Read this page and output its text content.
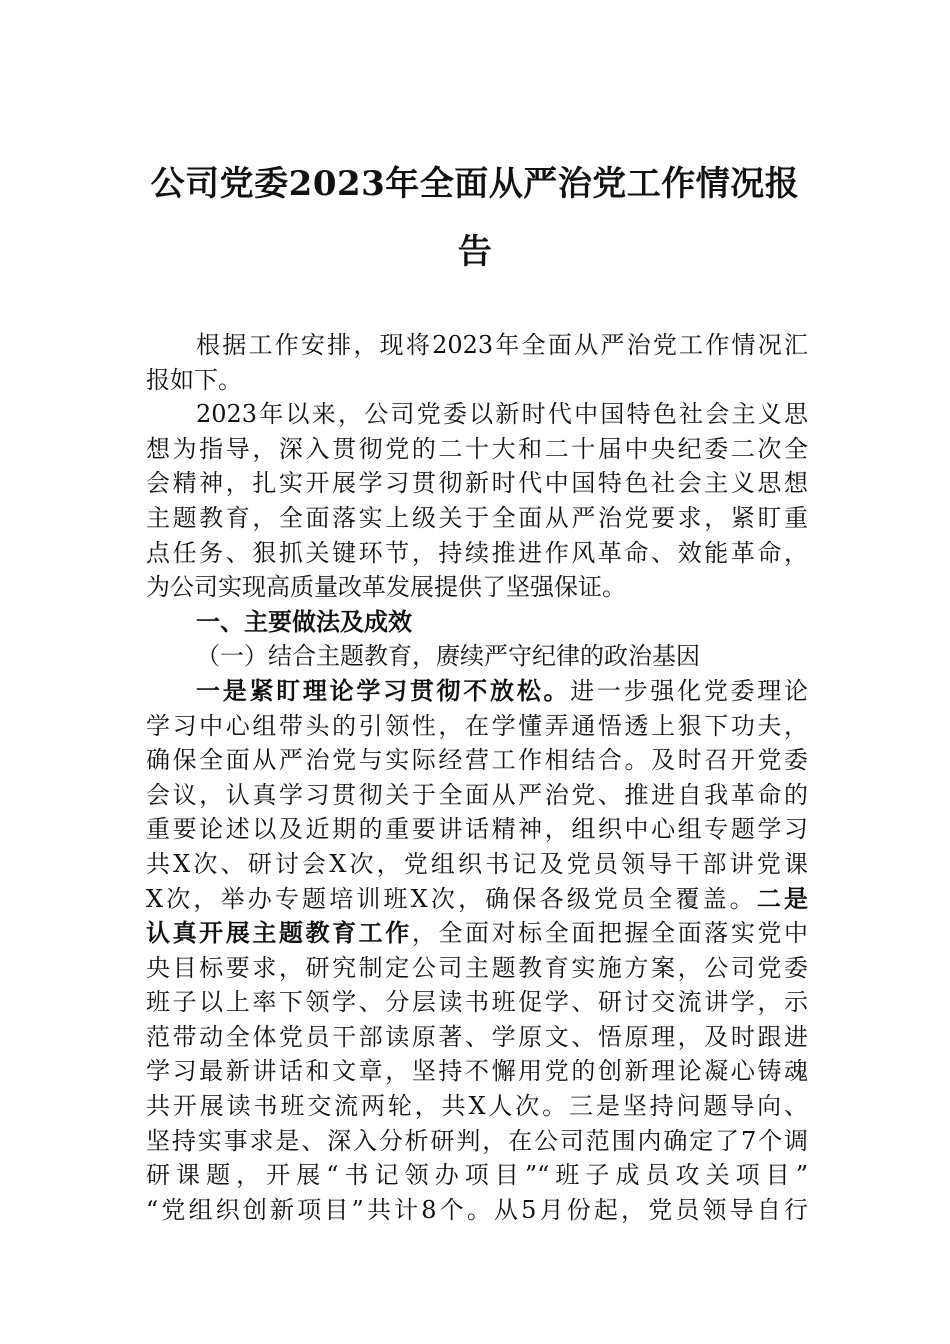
公司党委2023年全面从严治党工作情况报
告
根据工作安排，现将2023年全面从严治党工作情况汇
报如下。
2023年以来，公司党委以新时代中国特色社会主义思
想为指导，深入贯彻党的二十大和二十届中央纪委二次全
会精神，扎实开展学习贯彻新时代中国特色社会主义思想
主题教育，全面落实上级关于全面从严治党要求，紧盯重
点任务、狠抓关键环节，持续推进作风革命、效能革命，
为公司实现高质量改革发展提供了坚强保证。
一、主要做法及成效
（一）结合主题教育，赓续严守纪律的政治基因
一是紧盯理论学习贯彻不放松。进一步强化党委理论
学习中心组带头的引领性，在学懂弄通悟透上狠下功夫，
确保全面从严治党与实际经营工作相结合。及时召开党委
会议，认真学习贯彻关于全面从严治党、推进自我革命的
重要论述以及近期的重要讲话精神，组织中心组专题学习
共X次、研讨会X次，党组织书记及党员领导干部讲党课
X次，举办专题培训班X次，确保各级党员全覆盖。二是
认真开展主题教育工作，全面对标全面把握全面落实党中
央目标要求，研究制定公司主题教育实施方案，公司党委
班子以上率下领学、分层读书班促学、研讨交流讲学，示
范带动全体党员干部读原著、学原文、悟原理，及时跟进
学习最新讲话和文章，坚持不懈用党的创新理论凝心铸魂
共开展读书班交流两轮，共X人次。三是坚持问题导向、
坚持实事求是、深入分析研判，在公司范围内确定了7个调
研课题，开展“书记领办项目”“班子成员攻关项目”
“党组织创新项目”共计8个。从5月份起，党员领导自行
